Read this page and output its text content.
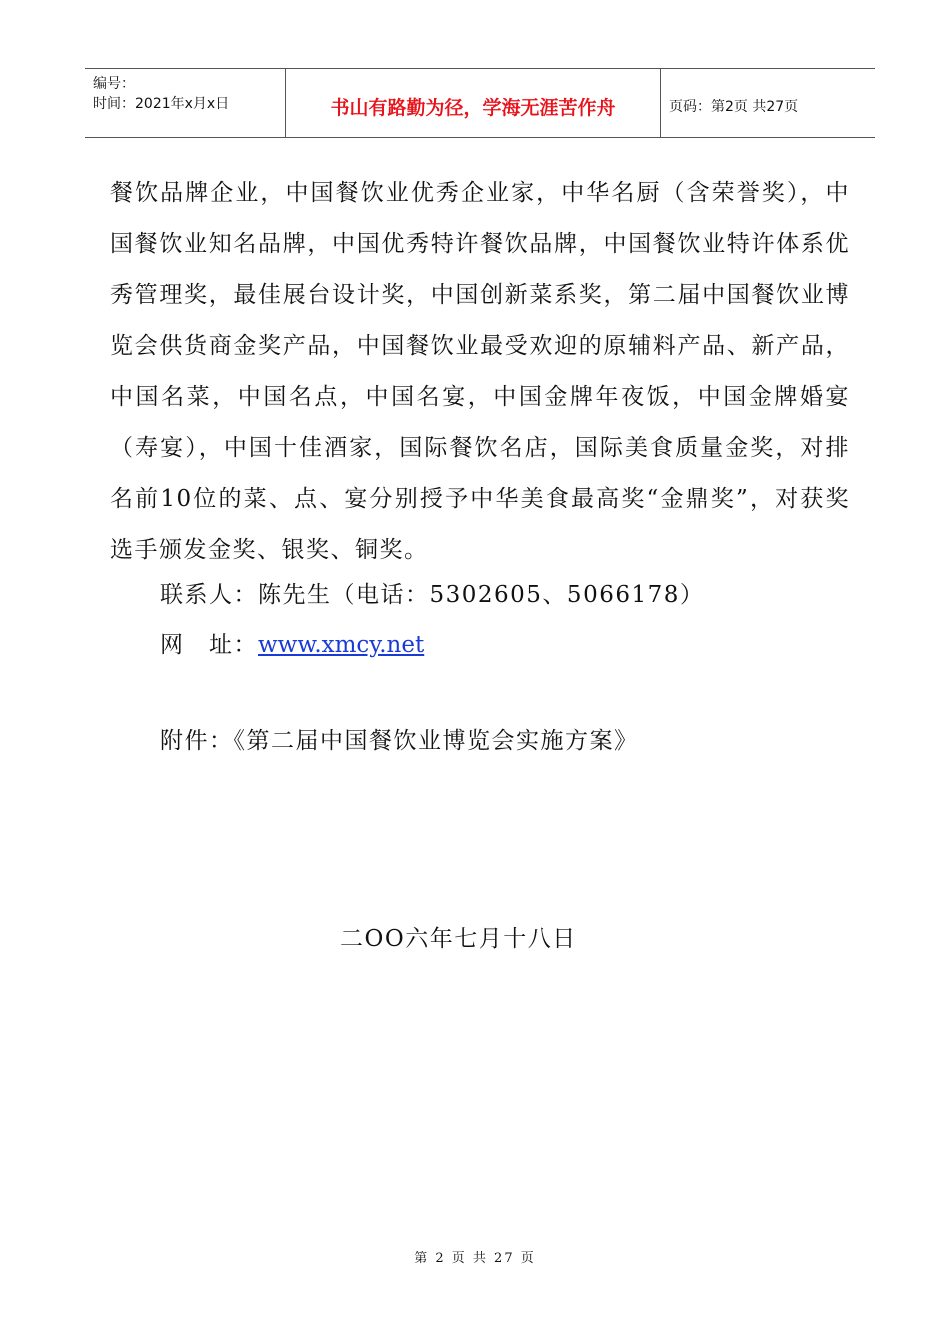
编号：
时间：2021年x月x日	书山有路勤为径，学海无涯苦作舟	页码：第2页 共27页
餐饮品牌企业，中国餐饮业优秀企业家，中华名厨（含荣誉奖），中国餐饮业知名品牌，中国优秀特许餐饮品牌，中国餐饮业特许体系优秀管理奖，最佳展台设计奖，中国创新菜系奖，第二届中国餐饮业博览会供货商金奖产品，中国餐饮业最受欢迎的原辅料产品、新产品，中国名菜，中国名点，中国名宴，中国金牌年夜饭，中国金牌婚宴（寿宴），中国十佳酒家，国际餐饮名店，国际美食质量金奖，对排名前10位的菜、点、宴分别授予中华美食最高奖“金鼎奖”，对获奖选手颁发金奖、银奖、铜奖。
联系人：陈先生（电话：5302605、5066178）
网　址：www.xmcy.net
附件：《第二届中国餐饮业博览会实施方案》
二OO六年七月十八日
第 2 页 共 27 页
